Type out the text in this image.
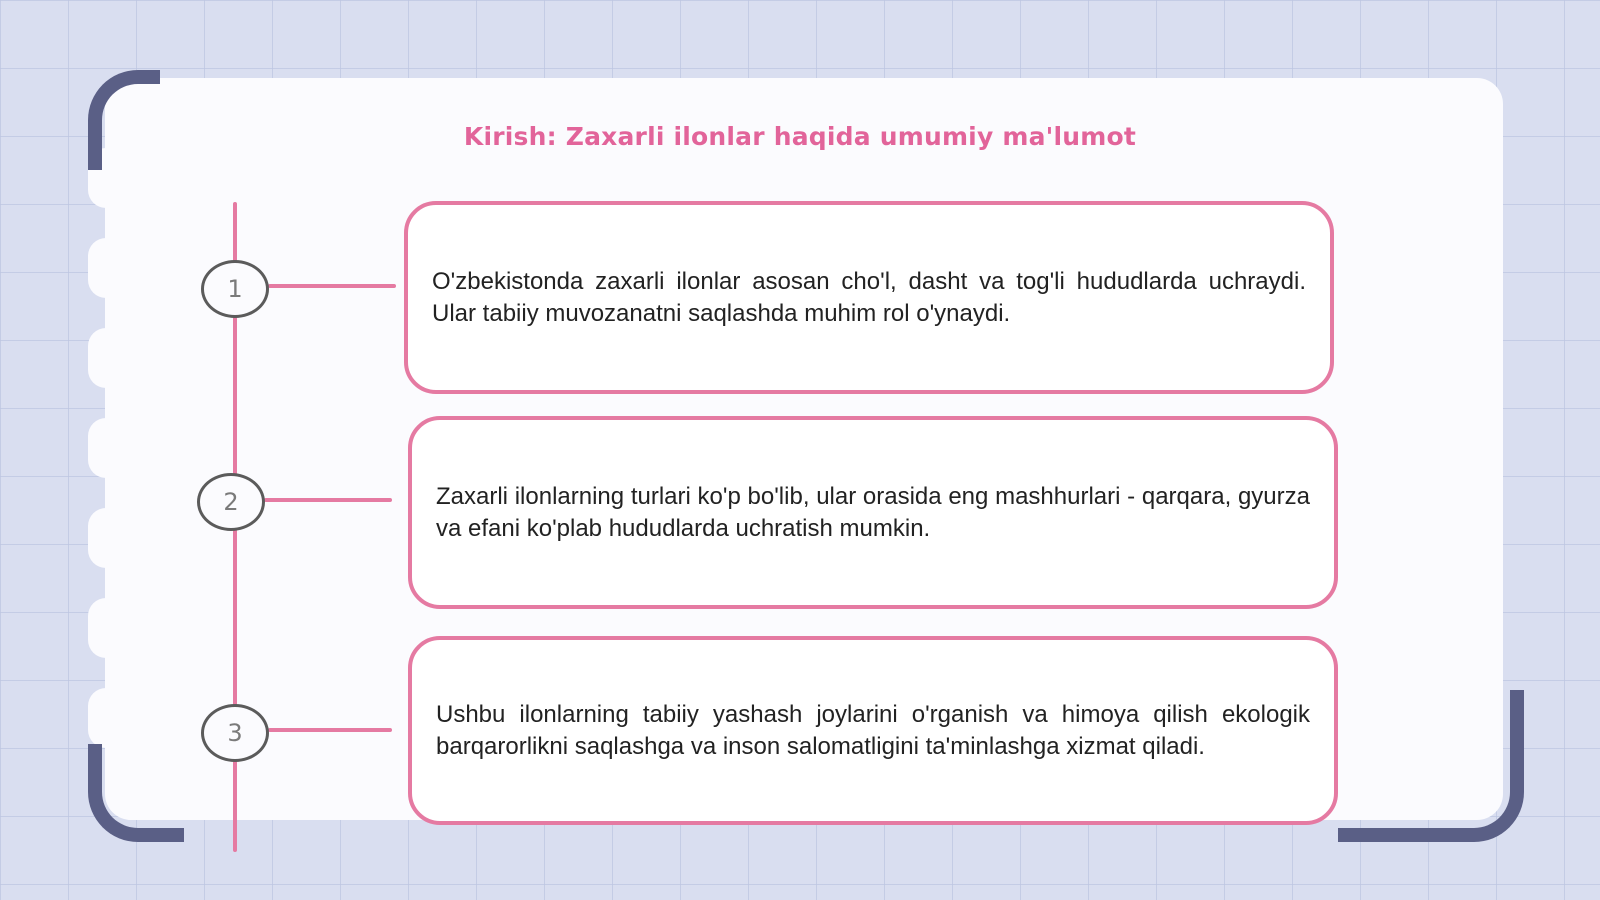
Kirish: Zaxarli ilonlar haqida umumiy ma'lumot
1	O'zbekistonda zaxarli ilonlar asosan cho'l, dasht va tog'li hududlarda uchraydi. Ular tabiiy muvozanatni saqlashda muhim rol o'ynaydi.

2	Zaxarli ilonlarning turlari ko'p bo'lib, ular orasida eng mashhurlari - qarqara, gyurza va efani ko'plab hududlarda uchratish mumkin.

3

Ushbu ilonlarning tabiiy yashash joylarini o'rganish va himoya qilish ekologik barqarorlikni saqlashga va inson salomatligini ta'minlashga xizmat qiladi.
